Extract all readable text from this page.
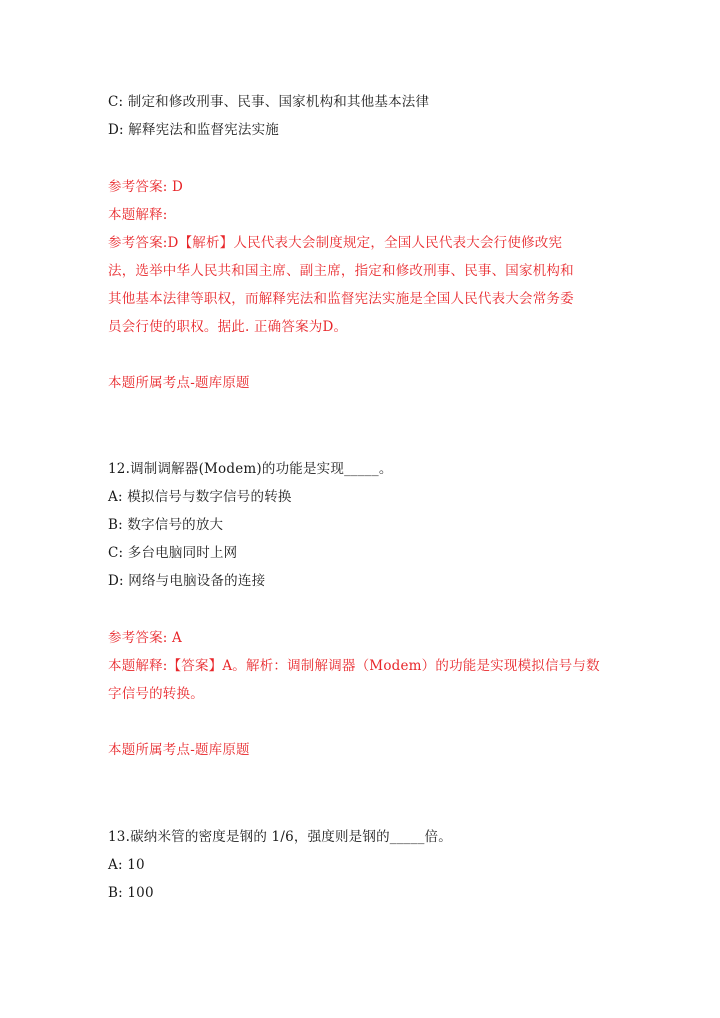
C: 制定和修改刑事、民事、国家机构和其他基本法律
D: 解释宪法和监督宪法实施
参考答案: D
本题解释:
参考答案:D【解析】人民代表大会制度规定，全国人民代表大会行使修改宪
法，选举中华人民共和国主席、副主席，指定和修改刑事、民事、国家机构和
其他基本法律等职权，而解释宪法和监督宪法实施是全国人民代表大会常务委
员会行使的职权。据此. 正确答案为D。
本题所属考点-题库原题
12.调制调解器(Modem)的功能是实现_____。
A: 模拟信号与数字信号的转换
B: 数字信号的放大
C: 多台电脑同时上网
D: 网络与电脑设备的连接
参考答案: A
本题解释:【答案】A。解析：调制解调器（Modem）的功能是实现模拟信号与数
字信号的转换。
本题所属考点-题库原题
13.碳纳米管的密度是钢的 1/6，强度则是钢的_____倍。
A: 10
B: 100
